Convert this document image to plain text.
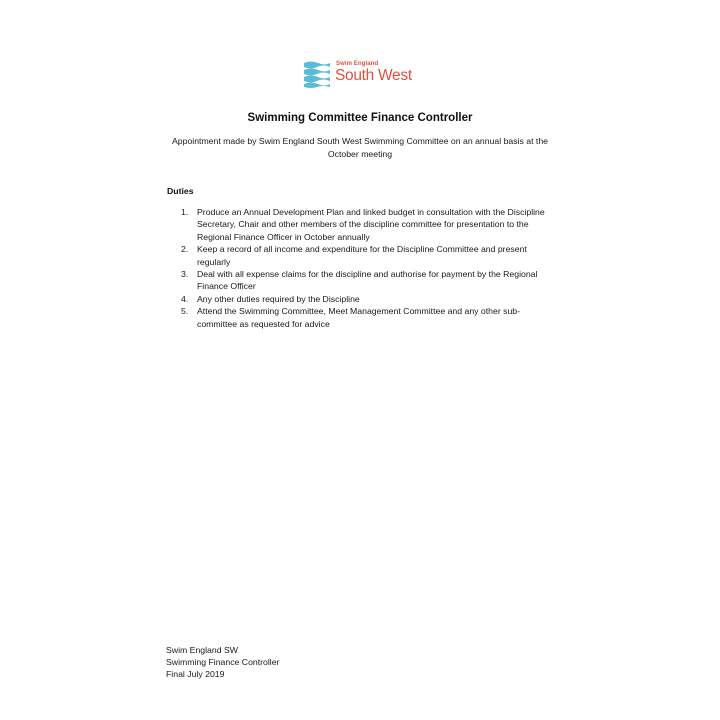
Swim England
South West
Swimming Committee Finance Controller
Appointment made by Swim England South West Swimming Committee on an annual basis at the October meeting
Duties
1. Produce an Annual Development Plan and linked budget in consultation with the Discipline Secretary, Chair and other members of the discipline committee for presentation to the Regional Finance Officer in October annually
2. Keep a record of all income and expenditure for the Discipline Committee and present regularly
3. Deal with all expense claims for the discipline and authorise for payment by the Regional Finance Officer
4. Any other duties required by the Discipline
5. Attend the Swimming Committee, Meet Management Committee and any other sub-committee as requested for advice
Swim England SW
Swimming Finance Controller
Final July 2019
